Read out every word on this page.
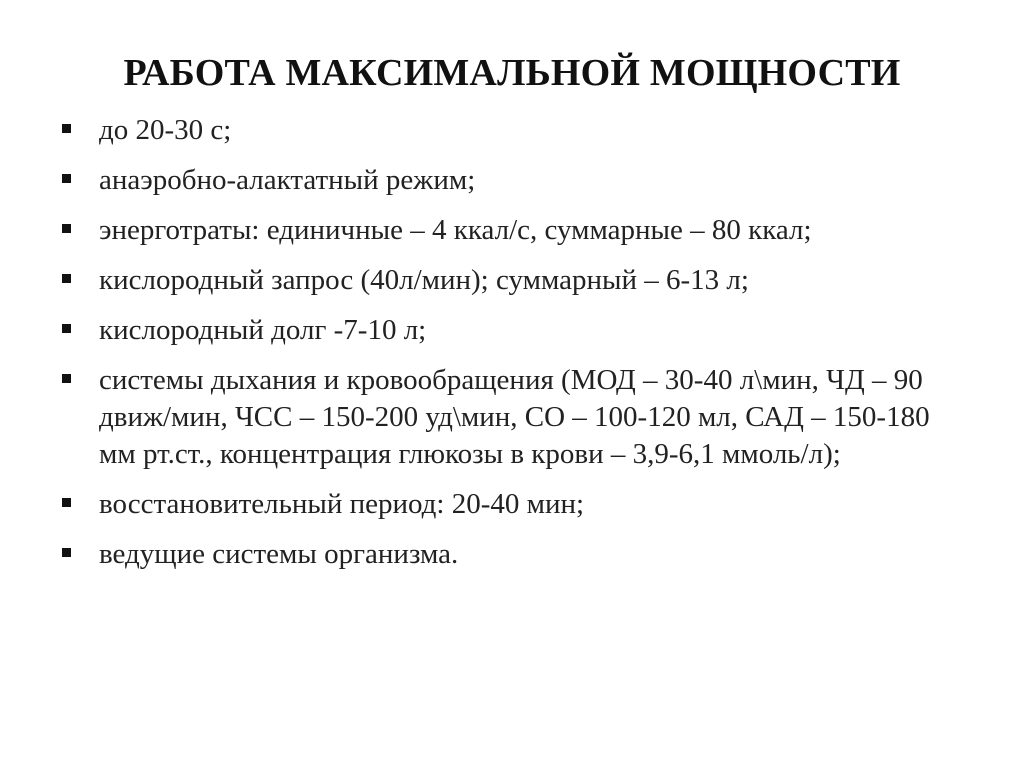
РАБОТА МАКСИМАЛЬНОЙ МОЩНОСТИ
до 20-30 с;
анаэробно-алактатный режим;
энерготраты: единичные – 4 ккал/с, суммарные – 80 ккал;
кислородный запрос (40л/мин); суммарный – 6-13 л;
кислородный долг -7-10 л;
системы дыхания и кровообращения (МОД – 30-40 л\мин, ЧД – 90 движ/мин, ЧСС – 150-200 уд\мин, СО – 100-120 мл, САД – 150-180 мм рт.ст., концентрация глюкозы в крови – 3,9-6,1 ммоль/л);
восстановительный период: 20-40 мин;
ведущие системы организма.
